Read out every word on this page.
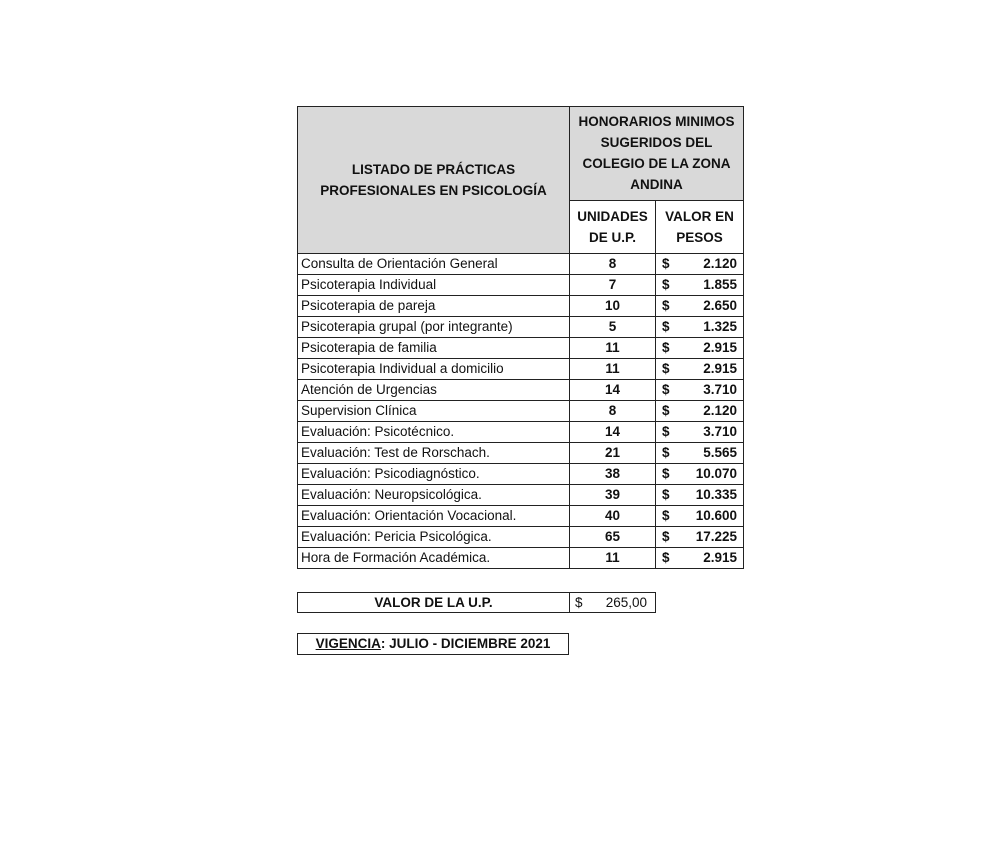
LISTADO DE PRÁCTICAS PROFESIONALES EN PSICOLOGÍA	HONORARIOS MINIMOS SUGERIDOS DEL COLEGIO DE LA ZONA ANDINA	
	UNIDADES DE U.P.	VALOR EN PESOS
Consulta de Orientación General	8	$ 2.120

Psicoterapia Individual	7	$ 1.855

Psicoterapia de pareja	10	$ 2.650

Psicoterapia grupal (por integrante)	5	$ 1.325

Psicoterapia de familia	11	$ 2.915

Psicoterapia Individual a domicilio	11	$ 2.915

Atención de Urgencias	14	$ 3.710

Supervision Clínica	8	$ 2.120

Evaluación: Psicotécnico.	14	$ 3.710

Evaluación: Test de Rorschach.	21	$ 5.565

Evaluación: Psicodiagnóstico.	38	$ 10.070

Evaluación: Neuropsicológica.	39	$ 10.335

Evaluación: Orientación Vocacional.	40	$ 10.600

Evaluación: Pericia Psicológica.	65	$ 17.225

Hora de Formación Académica.	11	$ 2.915
VALOR DE LA U.P.	$ 265,00
VIGENCIA: JULIO - DICIEMBRE 2021
